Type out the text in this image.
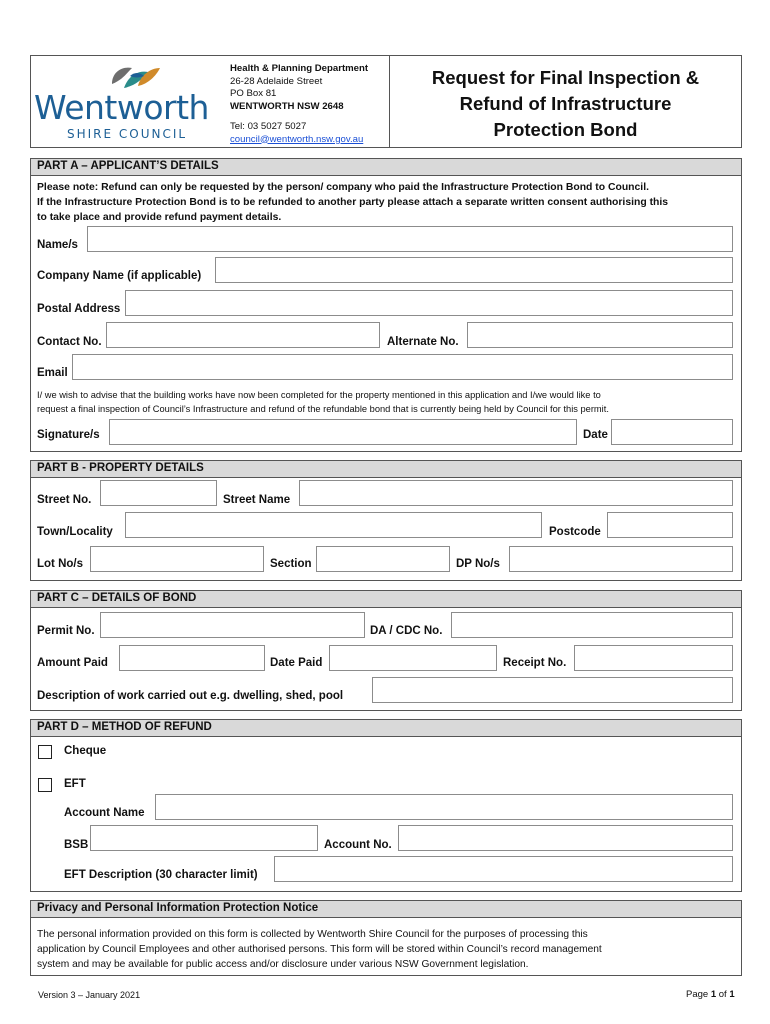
Wentworth
SHIRE COUNCIL
Health & Planning Department
26-28 Adelaide Street
PO Box 81
WENTWORTH NSW 2648
Tel: 03 5027 5027
council@wentworth.nsw.gov.au
Request for Final Inspection &
Refund of Infrastructure
Protection Bond
PART A – APPLICANT’S DETAILS
Please note: Refund can only be requested by the person/ company who paid the Infrastructure Protection Bond to Council.
If the Infrastructure Protection Bond is to be refunded to another party please attach a separate written consent authorising this
to take place and provide refund payment details.
Name/s
Company Name (if applicable)
Postal Address
Contact No.	Alternate No.
Email
I/ we wish to advise that the building works have now been completed for the property mentioned in this application and I/we would like to
request a final inspection of Council’s Infrastructure and refund of the refundable bond that is currently being held by Council for this permit.
Signature/s	Date
PART B - PROPERTY DETAILS
Street No.	Street Name
Town/Locality	Postcode
Lot No/s	Section	DP No/s
PART C – DETAILS OF BOND
Permit No.	DA / CDC No.
Amount Paid	Date Paid	Receipt No.
Description of work carried out e.g. dwelling, shed, pool
PART D – METHOD OF REFUND
Cheque
EFT
Account Name
BSB	Account No.
EFT Description (30 character limit)
Privacy and Personal Information Protection Notice
The personal information provided on this form is collected by Wentworth Shire Council for the purposes of processing this
application by Council Employees and other authorised persons. This form will be stored within Council’s record management
system and may be available for public access and/or disclosure under various NSW Government legislation.
Version 3 – January 2021	Page 1 of 1
